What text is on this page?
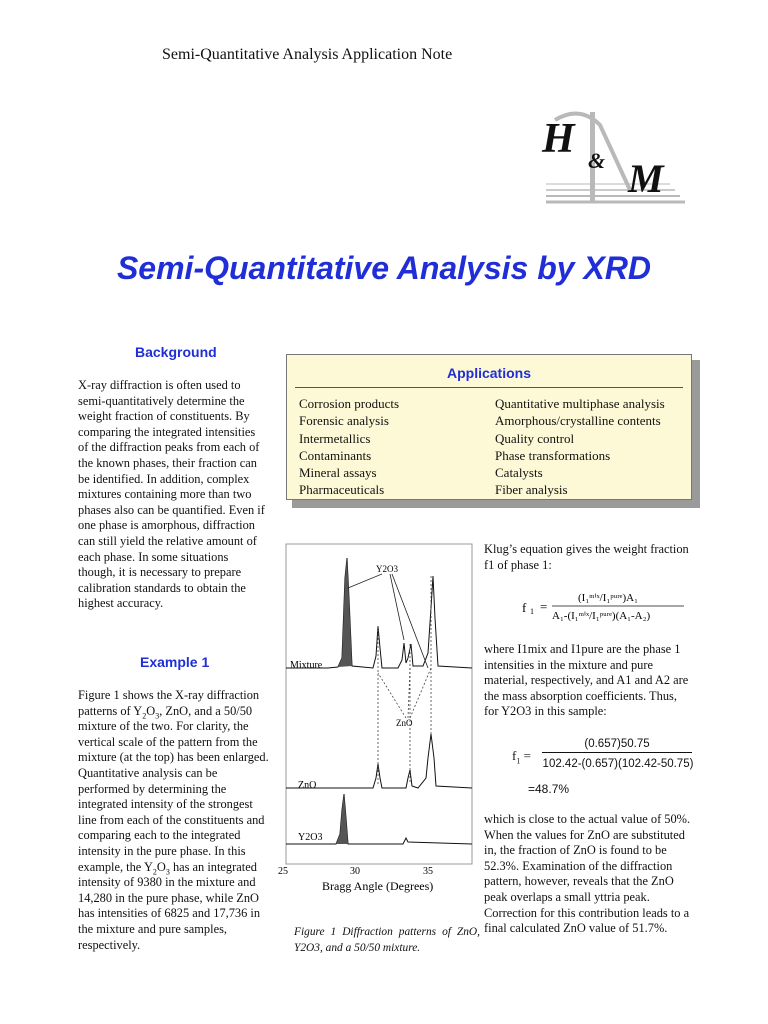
Semi-Quantitative Analysis Application Note
H & M
Semi-Quantitative Analysis by XRD
Background
X-ray diffraction is often used to semi-quantitatively determine the weight fraction of constituents. By comparing the integrated intensities of the diffraction peaks from each of the known phases, their fraction can be identified. In addition, complex mixtures containing more than two phases also can be quantified. Even if one phase is amorphous, diffraction can still yield the relative amount of each phase. In some situations though, it is necessary to prepare calibration standards to obtain the highest accuracy.
Applications
Corrosion products
Forensic analysis
Intermetallics
Contaminants
Mineral assays
Pharmaceuticals
Quantitative multiphase analysis
Amorphous/crystalline contents
Quality control
Phase transformations
Catalysts
Fiber analysis
Example 1
Figure 1 shows the X-ray diffraction patterns of $Y_2O_3$, ZnO, and a 50/50 mixture of the two. For clarity, the vertical scale of the pattern from the mixture (at the top) has been enlarged. Quantitative analysis can be performed by determining the integrated intensity of the strongest line from each of the constituents and comparing each to the integrated intensity in the pure phase. In this example, the $Y_2O_3$ has an integrated intensity of 9380 in the mixture and 14,280 in the pure phase, while ZnO has intensities of 6825 and 17,736 in the mixture and pure samples, respectively.
Y2O3
Mixture
ZnO
ZnO
Y2O3
25	30	35
Bragg Angle (Degrees)
Figure 1 Diffraction patterns of ZnO, Y2O3, and a 50/50 mixture.
Klug’s equation gives the weight fraction f1 of phase 1:
f 1 =
(I₁ᵐⁱˣ/I₁ᵖᵘʳᵉ)A₁
A₁-(I₁ᵐⁱˣ/I₁ᵖᵘʳᵉ)(A₁-A₂)
where I1mix and I1pure are the phase 1 intensities in the mixture and pure material, respectively, and A1 and A2 are the mass absorption coefficients. Thus, for Y2O3 in this sample:
$f_1$ =
(0.657)50.75
102.42-(0.657)(102.42-50.75)
=48.7%
which is close to the actual value of 50%. When the values for ZnO are substituted in, the fraction of ZnO is found to be 52.3%. Examination of the diffraction pattern, however, reveals that the ZnO peak overlaps a small yttria peak. Correction for this contribution leads to a final calculated ZnO value of 51.7%.
